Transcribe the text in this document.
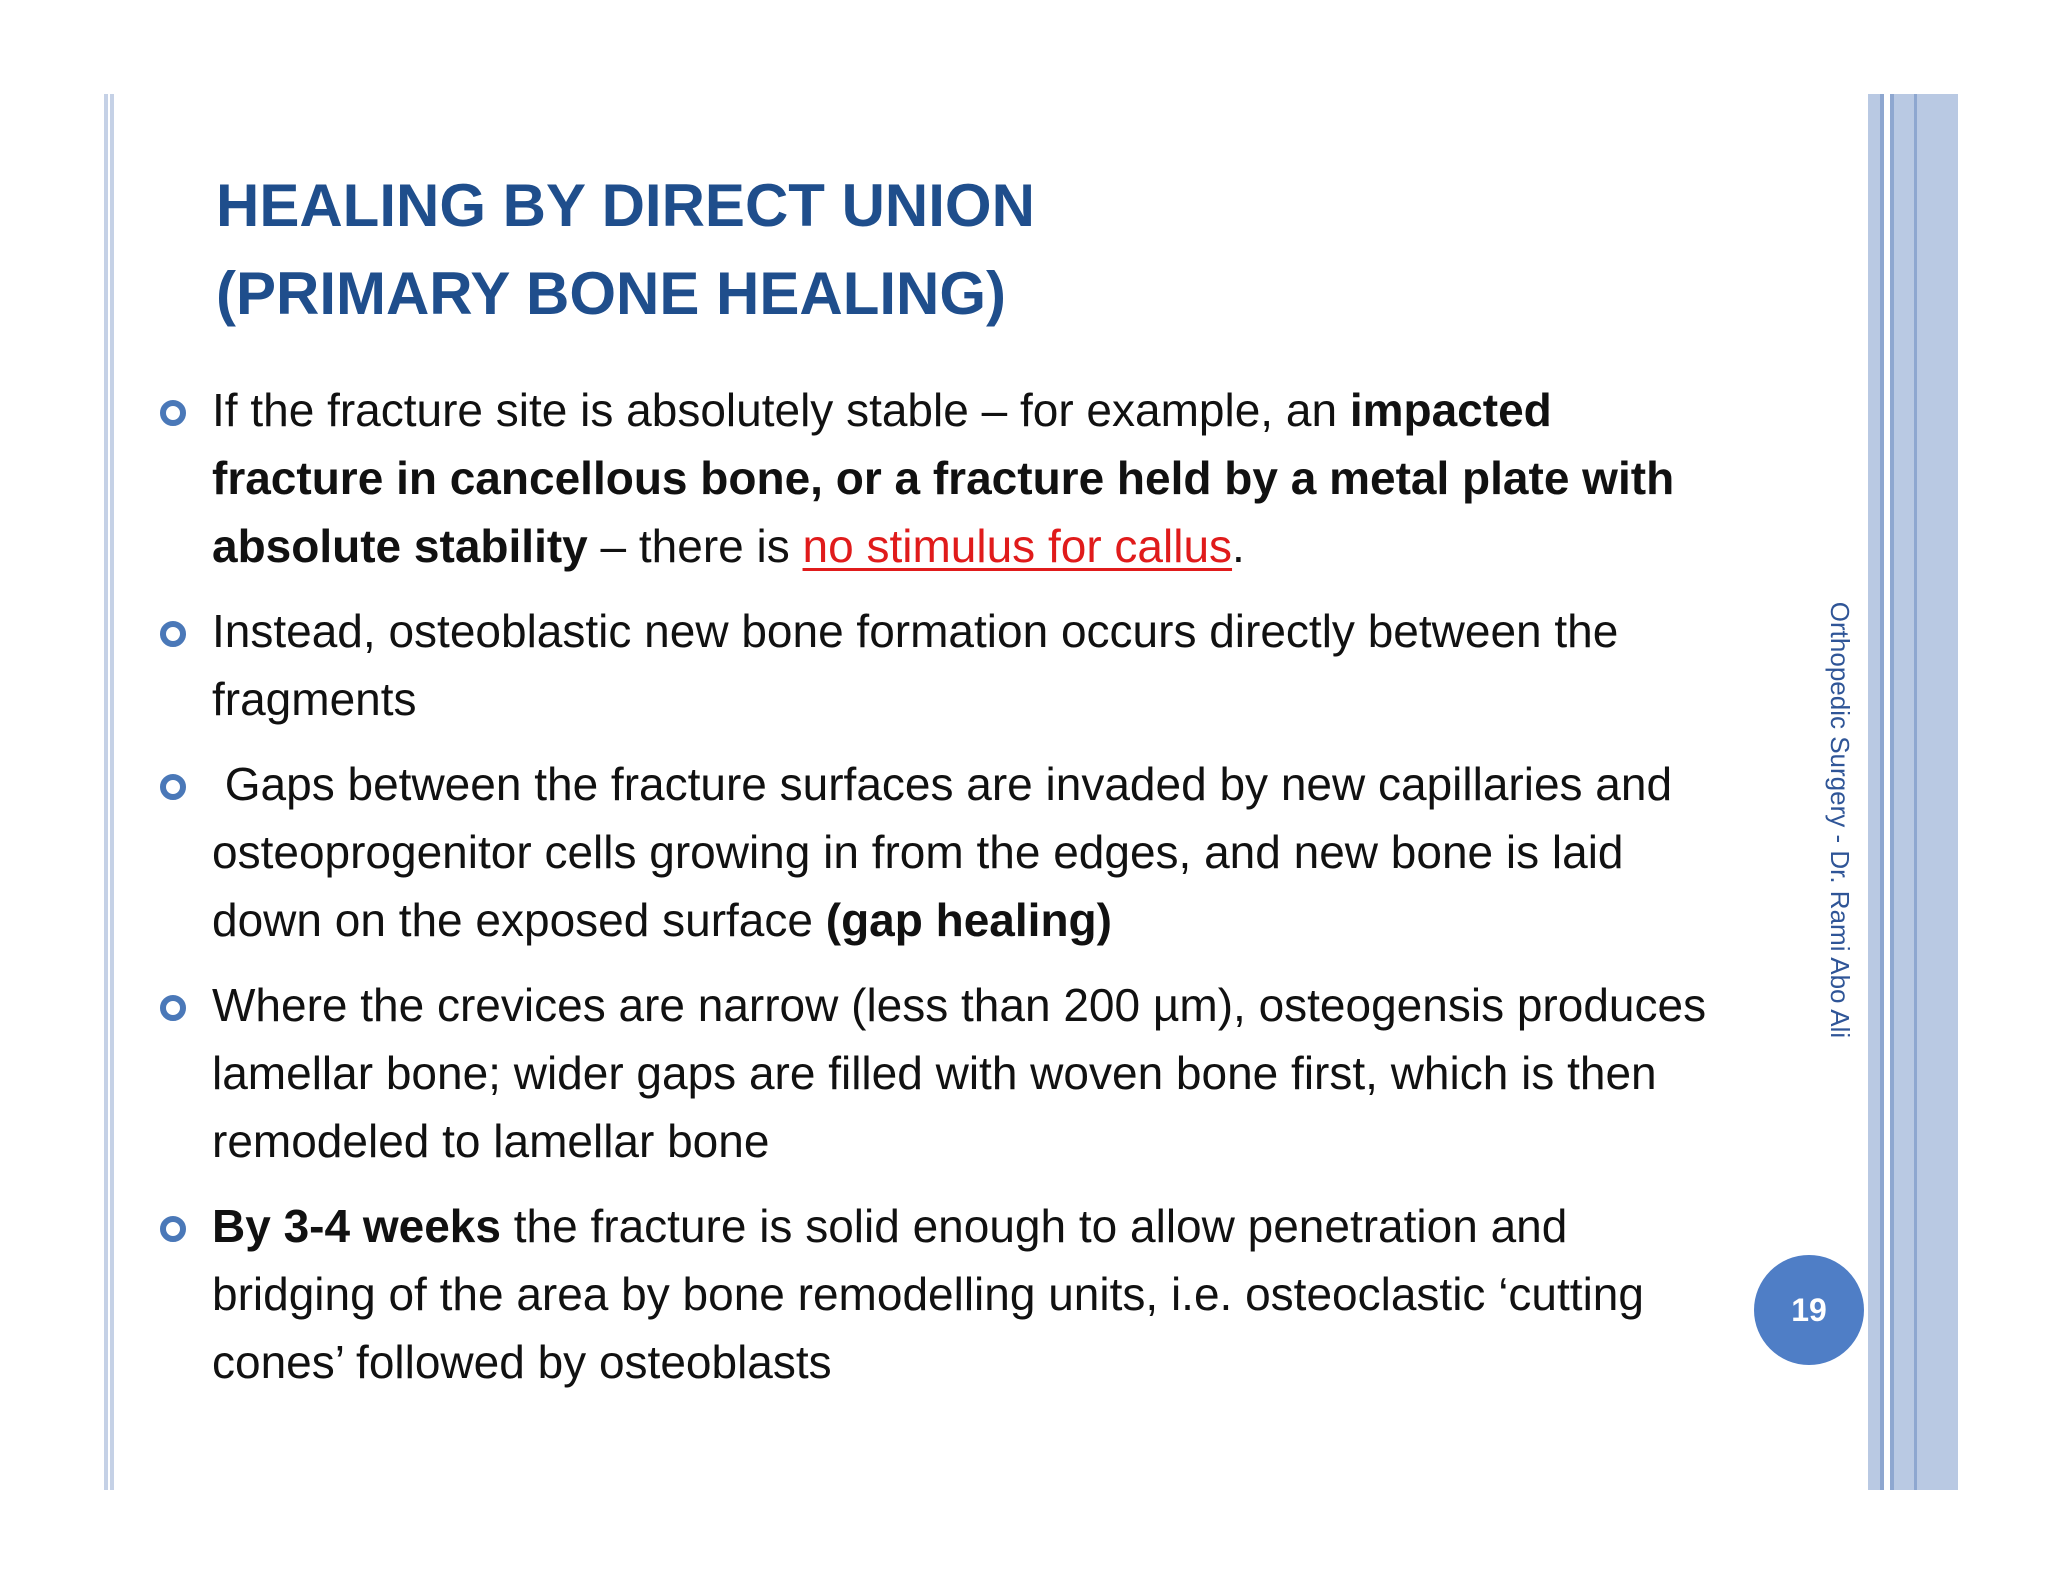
HEALING BY DIRECT UNION
(PRIMARY BONE HEALING)
If the fracture site is absolutely stable – for example, an impacted fracture in cancellous bone, or a fracture held by a metal plate with absolute stability – there is no stimulus for callus.
Instead, osteoblastic new bone formation occurs directly between the fragments
Gaps between the fracture surfaces are invaded by new capillaries and osteoprogenitor cells growing in from the edges, and new bone is laid down on the exposed surface (gap healing)
Where the crevices are narrow (less than 200 µm), osteogensis produces lamellar bone; wider gaps are filled with woven bone first, which is then remodeled to lamellar bone
By 3-4 weeks the fracture is solid enough to allow penetration and bridging of the area by bone remodelling units, i.e. osteoclastic ‘cutting cones’ followed by osteoblasts
Orthopedic Surgery - Dr. Rami Abo Ali
19
